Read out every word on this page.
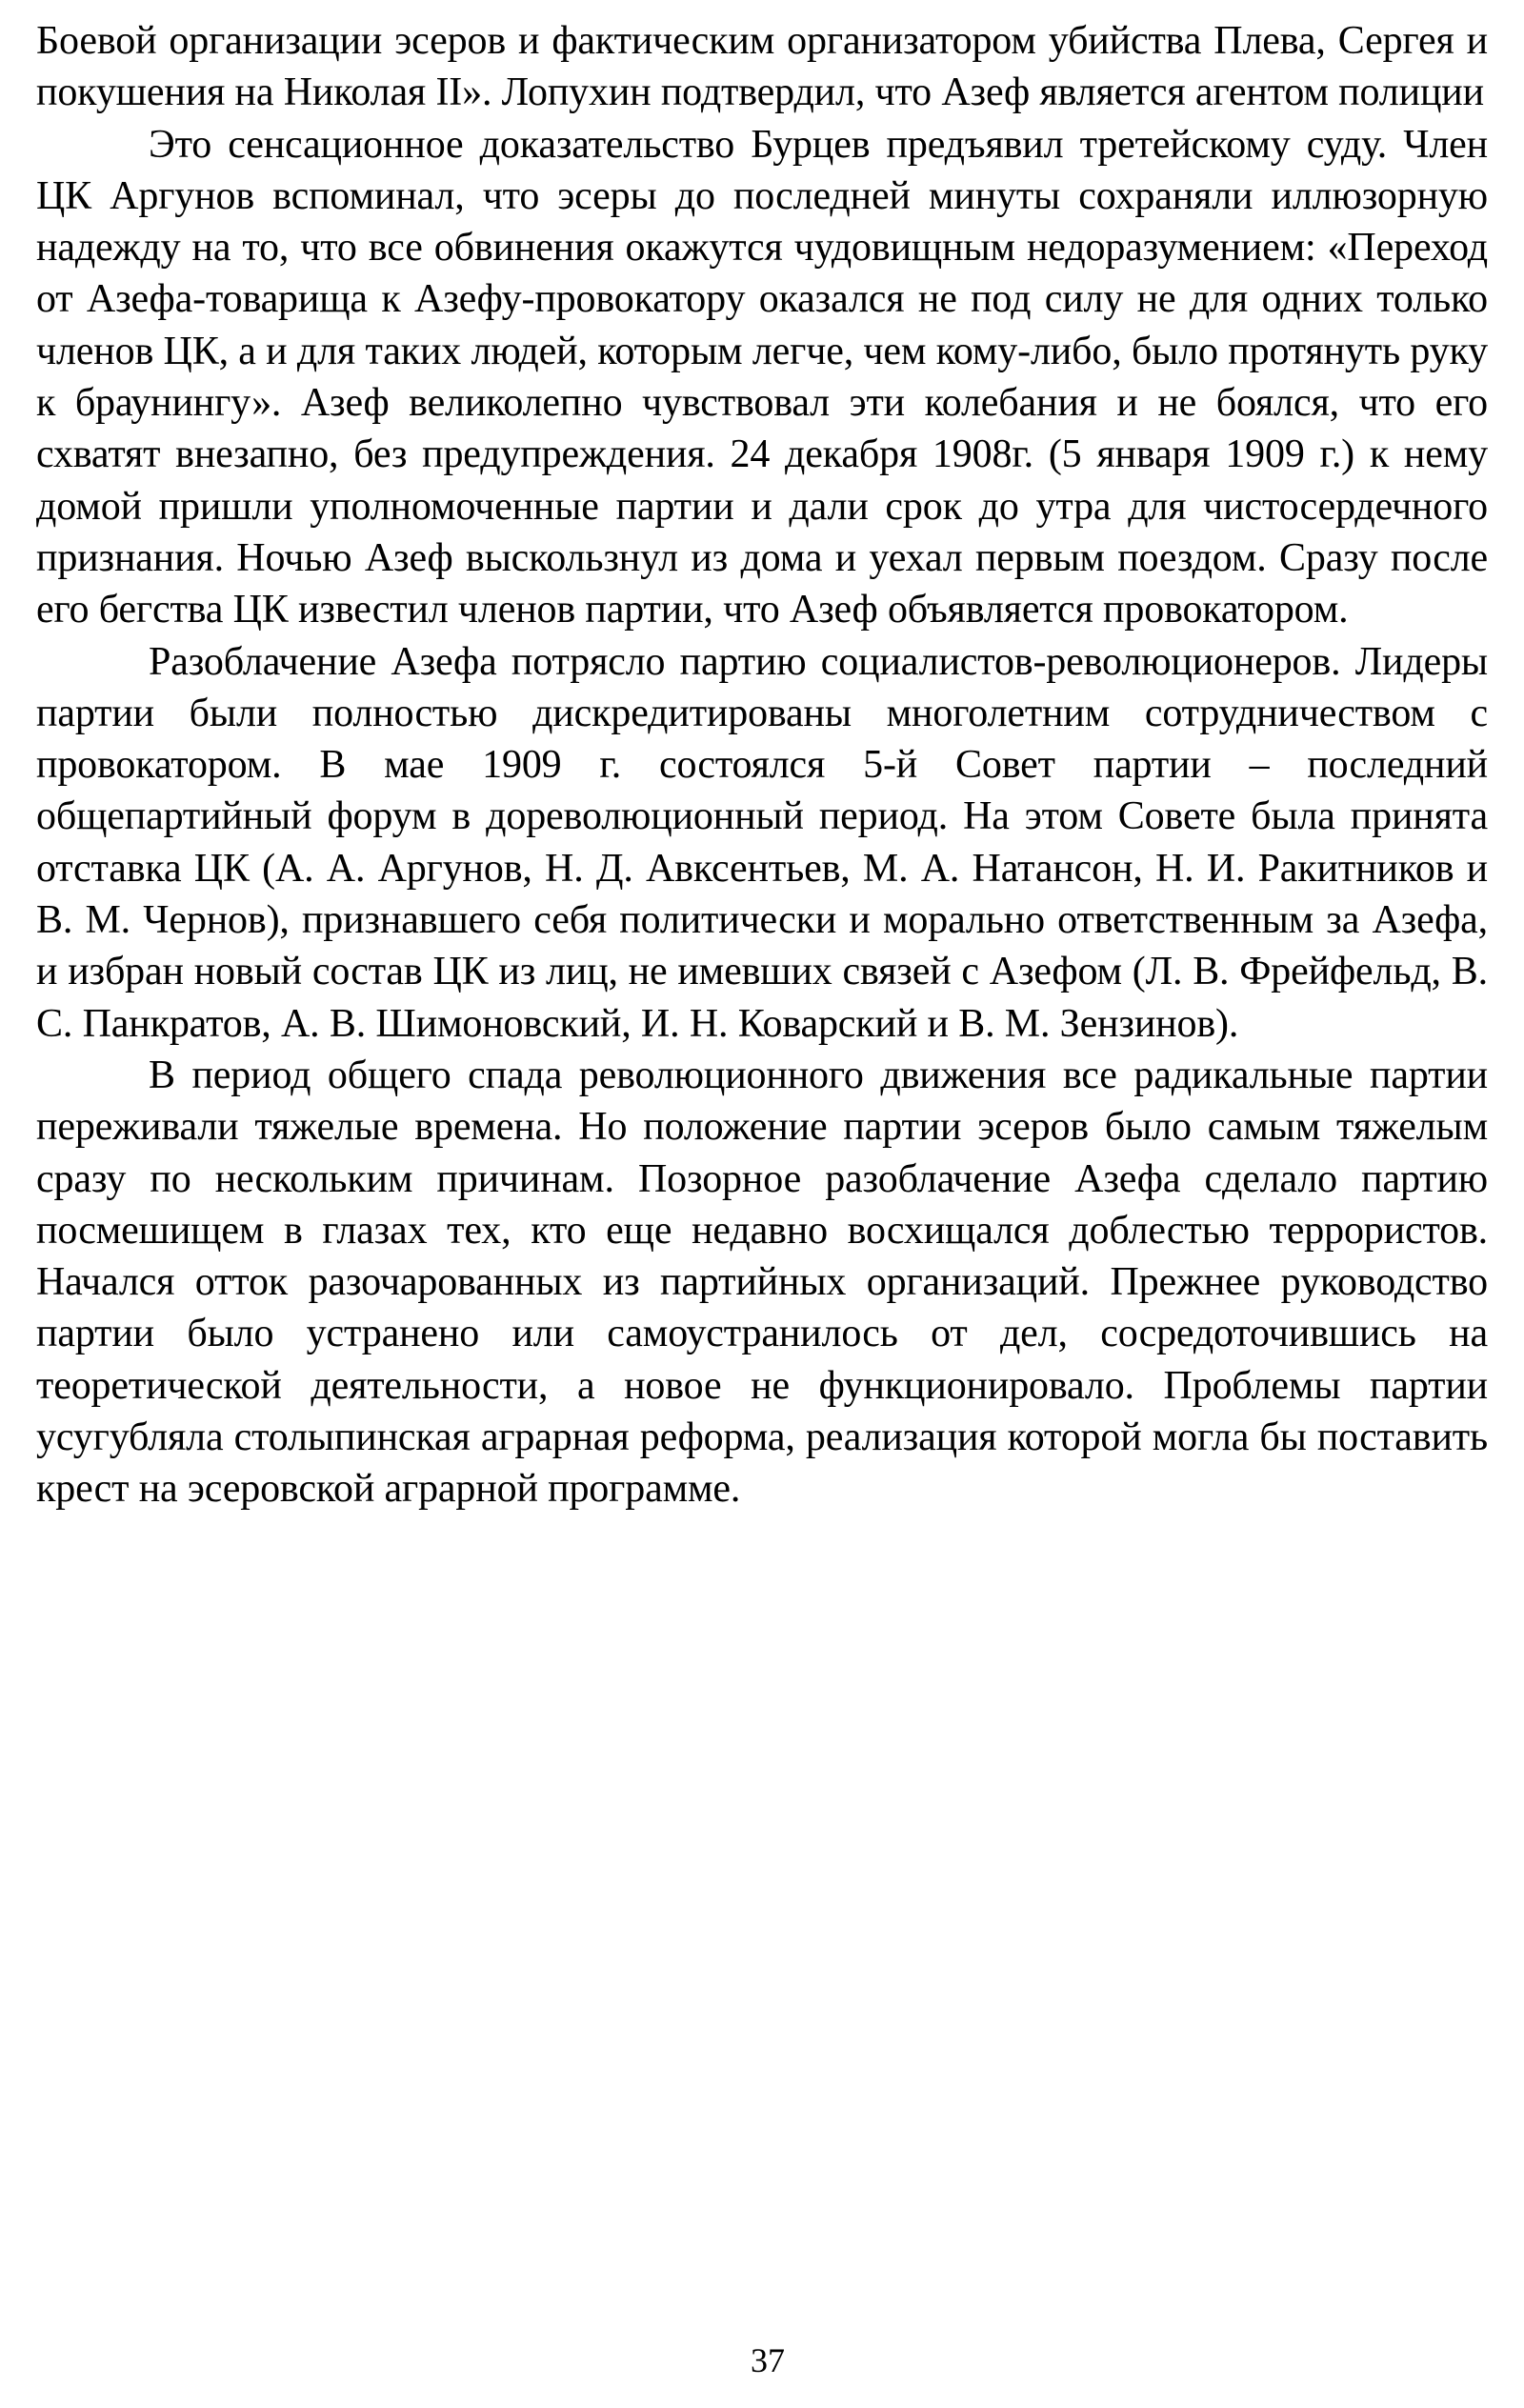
Боевой организации эсеров и фактическим организатором убийства Плева, Сергея и покушения на Николая II». Лопухин подтвердил, что Азеф является агентом полиции

Это сенсационное доказательство Бурцев предъявил третейскому суду. Член ЦК Аргунов вспоминал, что эсеры до последней минуты сохраняли иллюзорную надежду на то, что все обвинения окажутся чудовищным недоразумением: «Переход от Азефа-товарища к Азефу-провокатору оказался не под силу не для одних только членов ЦК, а и для таких людей, которым легче, чем кому-либо, было протянуть руку к браунингу». Азеф великолепно чувствовал эти колебания и не боялся, что его схватят внезапно, без предупреждения. 24 декабря 1908г. (5 января 1909 г.) к нему домой пришли уполномоченные партии и дали срок до утра для чистосердечного признания. Ночью Азеф выскользнул из дома и уехал первым поездом. Сразу после его бегства ЦК известил членов партии, что Азеф объявляется провокатором.

Разоблачение Азефа потрясло партию социалистов-революционеров. Лидеры партии были полностью дискредитированы многолетним сотрудничеством с провокатором. В мае 1909 г. состоялся 5-й Совет партии – последний общепартийный форум в дореволюционный период. На этом Совете была принята отставка ЦК (А. А. Аргунов, Н. Д. Авксентьев, М. А. Натансон, Н. И. Ракитников и В. М. Чернов), признавшего себя политически и морально ответственным за Азефа, и избран новый состав ЦК из лиц, не имевших связей с Азефом (Л. В. Фрейфельд, В. С. Панкратов, А. В. Шимоновский, И. Н. Коварский и В. М. Зензинов).

В период общего спада революционного движения все радикальные партии переживали тяжелые времена. Но положение партии эсеров было самым тяжелым сразу по нескольким причинам. Позорное разоблачение Азефа сделало партию посмешищем в глазах тех, кто еще недавно восхищался доблестью террористов. Начался отток разочарованных из партийных организаций. Прежнее руководство партии было устранено или самоустранилось от дел, сосредоточившись на теоретической деятельности, а новое не функционировало. Проблемы партии усугубляла столыпинская аграрная реформа, реализация которой могла бы поставить крест на эсеровской аграрной программе.

37
